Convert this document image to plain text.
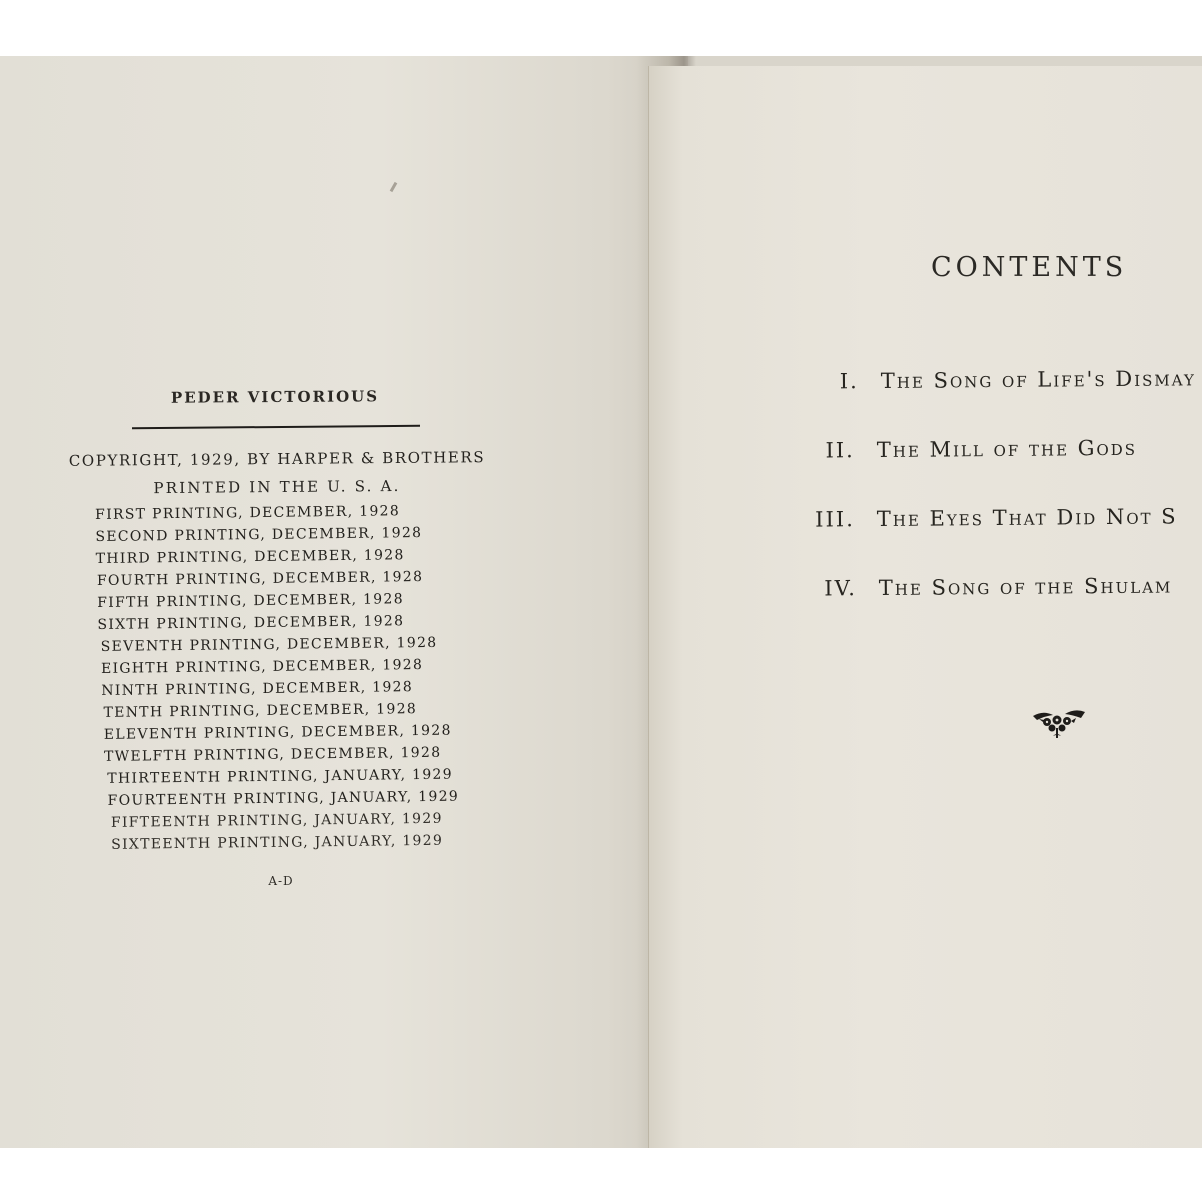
PEDER VICTORIOUS
COPYRIGHT, 1929, BY HARPER & BROTHERS
PRINTED IN THE U. S. A.
FIRST PRINTING, DECEMBER, 1928
SECOND PRINTING, DECEMBER, 1928
THIRD PRINTING, DECEMBER, 1928
FOURTH PRINTING, DECEMBER, 1928
FIFTH PRINTING, DECEMBER, 1928
SIXTH PRINTING, DECEMBER, 1928
SEVENTH PRINTING, DECEMBER, 1928
EIGHTH PRINTING, DECEMBER, 1928
NINTH PRINTING, DECEMBER, 1928
TENTH PRINTING, DECEMBER, 1928
ELEVENTH PRINTING, DECEMBER, 1928
TWELFTH PRINTING, DECEMBER, 1928
THIRTEENTH PRINTING, JANUARY, 1929
FOURTEENTH PRINTING, JANUARY, 1929
FIFTEENTH PRINTING, JANUARY, 1929
SIXTEENTH PRINTING, JANUARY, 1929
A-D
CONTENTS
I. The Song of Life's Dismay
II. The Mill of the Gods
III. The Eyes That Did Not S
IV. The Song of the Shulam
